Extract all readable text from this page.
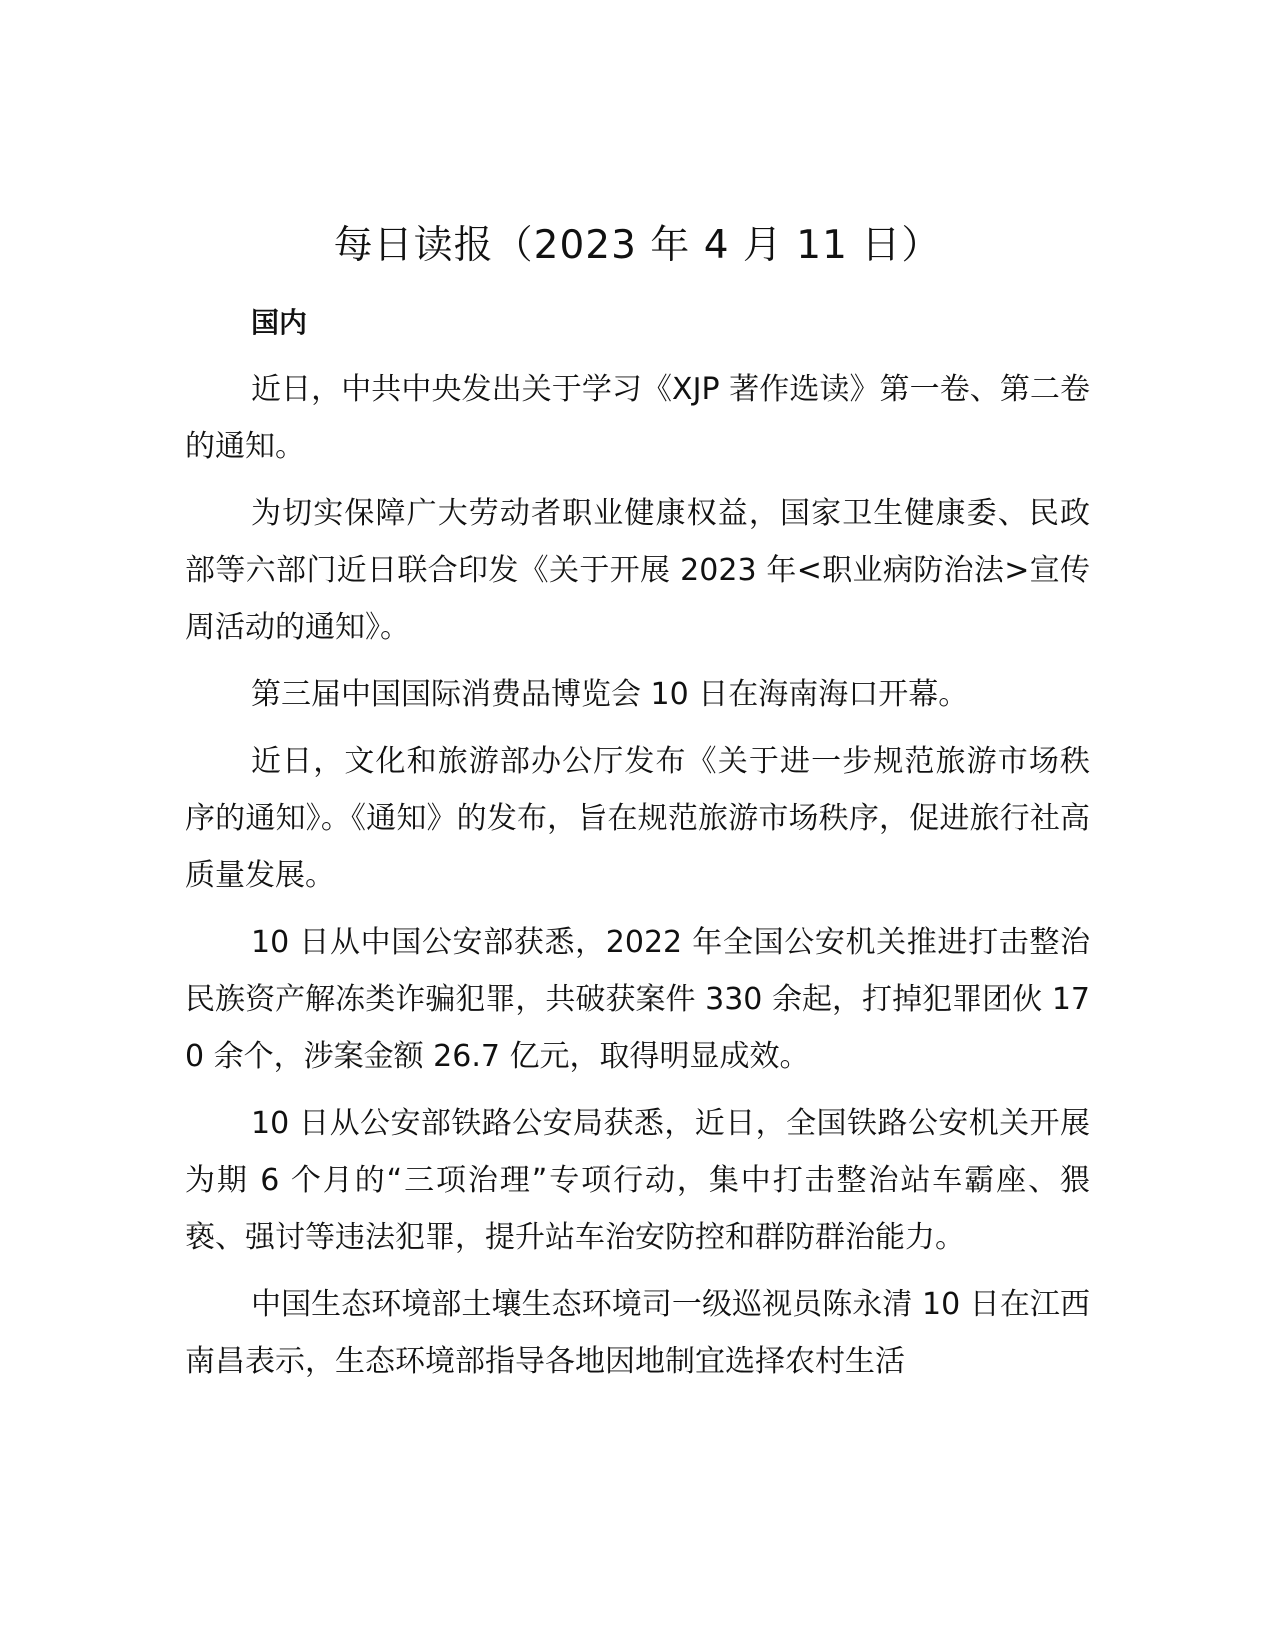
每日读报（2023 年 4 月 11 日）
国内

近日，中共中央发出关于学习《XJP 著作选读》第一卷、第二卷的通知。

为切实保障广大劳动者职业健康权益，国家卫生健康委、民政部等六部门近日联合印发《关于开展 2023 年<职业病防治法>宣传周活动的通知》。

第三届中国国际消费品博览会 10 日在海南海口开幕。

近日，文化和旅游部办公厅发布《关于进一步规范旅游市场秩序的通知》。《通知》的发布，旨在规范旅游市场秩序，促进旅行社高质量发展。

10 日从中国公安部获悉，2022 年全国公安机关推进打击整治民族资产解冻类诈骗犯罪，共破获案件 330 余起，打掉犯罪团伙 170 余个，涉案金额 26.7 亿元，取得明显成效。

10 日从公安部铁路公安局获悉，近日，全国铁路公安机关开展为期 6 个月的“三项治理”专项行动，集中打击整治站车霸座、猥亵、强讨等违法犯罪，提升站车治安防控和群防群治能力。

中国生态环境部土壤生态环境司一级巡视员陈永清 10 日在江西南昌表示，生态环境部指导各地因地制宜选择农村生活
